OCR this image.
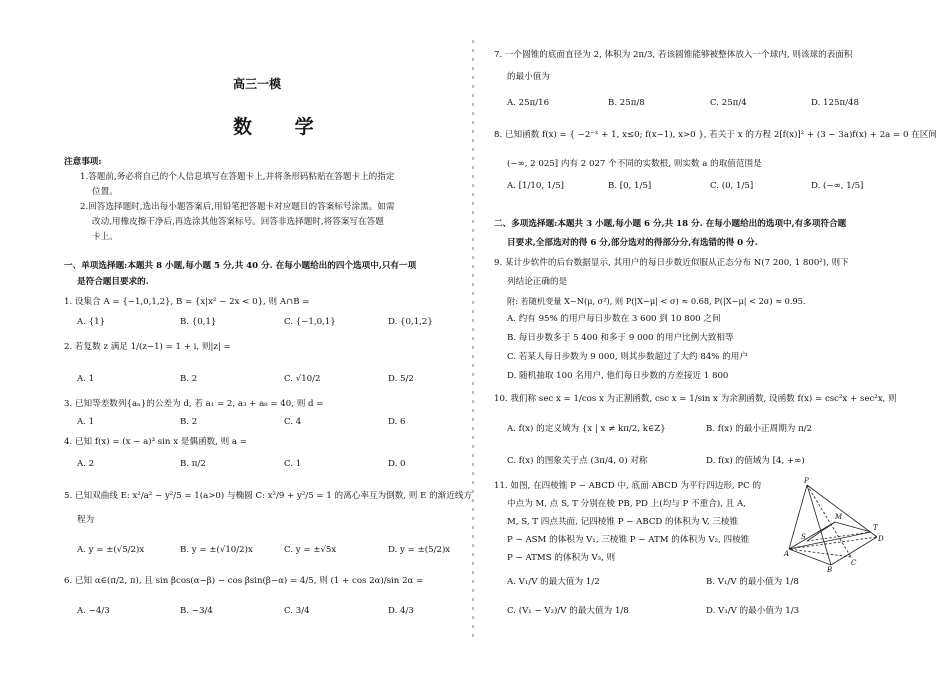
高三一模
数 学
注意事项:
1.答题前,务必将自己的个人信息填写在答题卡上,并将条形码粘贴在答题卡上的指定
位置。
2.回答选择题时,选出每小题答案后,用铅笔把答题卡对应题目的答案标号涂黑。如需
改动,用橡皮擦干净后,再选涂其他答案标号。回答非选择题时,将答案写在答题
卡上。
一、单项选择题:本题共 8 小题,每小题 5 分,共 40 分. 在每小题给出的四个选项中,只有一项
是符合题目要求的.
1. 设集合 A = {−1,0,1,2}, B = {x|x² − 2x < 0}, 则 A∩B =
A. {1}	B. {0,1}	C. {−1,0,1}	D. {0,1,2}
2. 若复数 z 满足 1/(z−1) = 1 + i, 则|z| =
A. 1	B. 2	C. √10/2	D. 5/2
3. 已知等差数列{aₙ}的公差为 d, 若 a₁ = 2, a₃ + a₈ = 40, 则 d =
A. 1	B. 2	C. 4	D. 6
4. 已知 f(x) = (x − a)³ sin x 是偶函数, 则 a =
A. 2	B. π/2	C. 1	D. 0
5. 已知双曲线 E: x²/a² − y²/5 = 1(a>0) 与椭圆 C: x²/9 + y²/5 = 1 的离心率互为倒数, 则 E 的渐近线方
程为
A. y = ±(√5/2)x	B. y = ±(√10/2)x	C. y = ±√5x	D. y = ±(5/2)x
6. 已知 α∈(π/2, π), 且 sin βcos(α−β) − cos βsin(β−α) = 4/5, 则 (1 + cos 2α)/sin 2α =
A. −4/3	B. −3/4	C. 3/4	D. 4/3
7. 一个圆锥的底面直径为 2, 体积为 2π/3, 若该圆锥能够被整体放入一个球内, 则该球的表面积
的最小值为
A. 25π/16	B. 25π/8	C. 25π/4	D. 125π/48
8. 已知函数 f(x) = { −2⁻ˣ + 1, x≤0; f(x−1), x>0 }, 若关于 x 的方程 2[f(x)]² + (3 − 3a)f(x) + 2a = 0 在区间
(−∞, 2 025] 内有 2 027 个不同的实数根, 则实数 a 的取值范围是
A. [1/10, 1/5]	B. [0, 1/5]	C. (0, 1/5]	D. (−∞, 1/5]
二、多项选择题:本题共 3 小题,每小题 6 分,共 18 分. 在每小题给出的选项中,有多项符合题
目要求,全部选对的得 6 分,部分选对的得部分分,有选错的得 0 分.
9. 某计步软件的后台数据显示, 其用户的每日步数近似服从正态分布 N(7 200, 1 800²), 则下
列结论正确的是
附: 若随机变量 X~N(μ, σ²), 则 P(|X−μ| < σ) ≈ 0.68, P(|X−μ| < 2σ) ≈ 0.95.
A. 约有 95% 的用户每日步数在 3 600 到 10 800 之间
B. 每日步数多于 5 400 和多于 9 000 的用户比例大致相等
C. 若某人每日步数为 9 000, 则其步数超过了大约 84% 的用户
D. 随机抽取 100 名用户, 他们每日步数的方差接近 1 800
10. 我们称 sec x = 1/cos x 为正割函数, csc x = 1/sin x 为余割函数, 设函数 f(x) = csc²x + sec²x, 则
A. f(x) 的定义域为 {x | x ≠ kπ/2, k∈Z}	B. f(x) 的最小正周期为 π/2
C. f(x) 的图象关于点 (3π/4, 0) 对称	D. f(x) 的值域为 [4, +∞)
11. 如图, 在四棱锥 P − ABCD 中, 底面 ABCD 为平行四边形, PC 的
中点为 M, 点 S, T 分别在棱 PB, PD 上(均与 P 不重合), 且 A,
M, S, T 四点共面, 记四棱锥 P − ABCD 的体积为 V, 三棱锥
P − ASM 的体积为 V₁, 三棱锥 P − ATM 的体积为 V₂, 四棱锥
P − ATMS 的体积为 V₃, 则
A. V₁/V 的最大值为 1/2	B. V₁/V 的最小值为 1/8
C. (V₁ − V₂)/V 的最大值为 1/8	D. V₃/V 的最小值为 1/3
P
M
T
S
A
D
B
C
